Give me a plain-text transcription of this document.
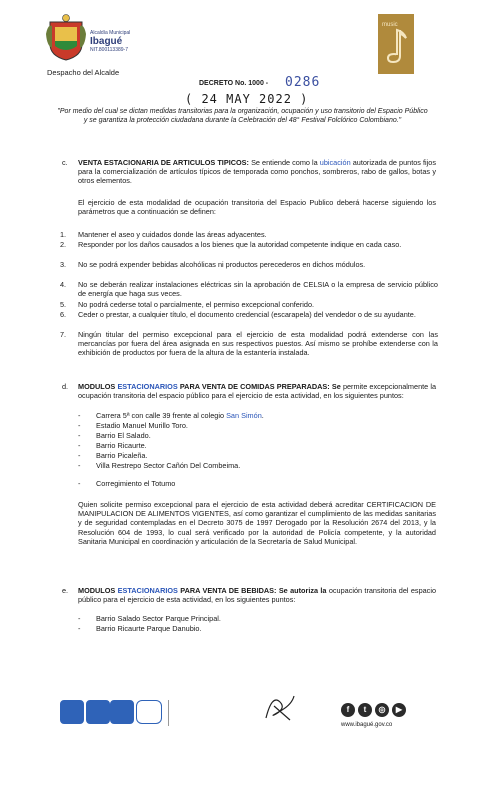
Alcaldía Municipal
Ibagué
NIT.800113389-7
Despacho del Alcalde
music
DECRETO No. 1000 - 0286
( 24 MAY 2022 )
"Por medio del cual se dictan medidas transitorias para la organización, ocupación y uso transitorio del Espacio Público y se garantiza la protección ciudadana durante la Celebración del 48° Festival Folclórico Colombiano."
c. VENTA ESTACIONARIA DE ARTICULOS TIPICOS: Se entiende como la ubicación autorizada de puntos fijos para la comercialización de artículos típicos de temporada como ponchos, sombreros, rabo de gallos, botas y otros elementos.
El ejercicio de esta modalidad de ocupación transitoria del Espacio Publico deberá hacerse siguiendo los parámetros que a continuación se definen:
1.	Mantener el aseo y cuidados donde las áreas adyacentes.
2.	Responder por los daños causados a los bienes que la autoridad competente indique en cada caso.
3.	No se podrá expender bebidas alcohólicas ni productos perecederos en dichos módulos.
4.	No se deberán realizar instalaciones eléctricas sin la aprobación de CELSIA o la empresa de servicio público de energía que haga sus veces.
5.	No podrá cederse total o parcialmente, el permiso excepcional conferido.
6.	Ceder o prestar, a cualquier título, el documento credencial (escarapela) del vendedor o de su ayudante.
7.	Ningún titular del permiso excepcional para el ejercicio de esta modalidad podrá extenderse con las mercancías por fuera del área asignada en sus respectivos puestos. Así mismo se prohíbe extenderse con la exhibición de productos por fuera de la altura de la estantería instalada.
d. MODULOS ESTACIONARIOS PARA VENTA DE COMIDAS PREPARADAS: Se permite excepcionalmente la ocupación transitoria del espacio público para el ejercicio de esta actividad, en los siguientes puntos:
-	Carrera 5ª con calle 39 frente al colegio San Simón.
-	Estadio Manuel Murillo Toro.
-	Barrio El Salado.
-	Barrio Ricaurte.
-	Barrio Picaleña.
-	Villa Restrepo Sector Cañón Del Combeima.
-	Corregimiento el Totumo
Quien solicite permiso excepcional para el ejercicio de esta actividad deberá acreditar CERTIFICACION DE MANIPULACION DE ALIMENTOS VIGENTES, así como garantizar el cumplimiento de las medidas sanitarias y de seguridad contempladas en el Decreto 3075 de 1997 Derogado por la Resolución 2674 del 2013, y la Resolución 604 de 1993, lo cual será verificado por la autoridad de Policía competente, y la autoridad Sanitaria Municipal en coordinación y articulación de la Secretaría de Salud Municipal.
e. MODULOS ESTACIONARIOS PARA VENTA DE BEBIDAS: Se autoriza la ocupación transitoria del espacio público para el ejercicio de esta actividad, en los siguientes puntos:
-	Barrio Salado Sector Parque Principal.
-	Barrio Ricaurte Parque Danubio.
f	t	◎	▶
www.ibagué.gov.co
